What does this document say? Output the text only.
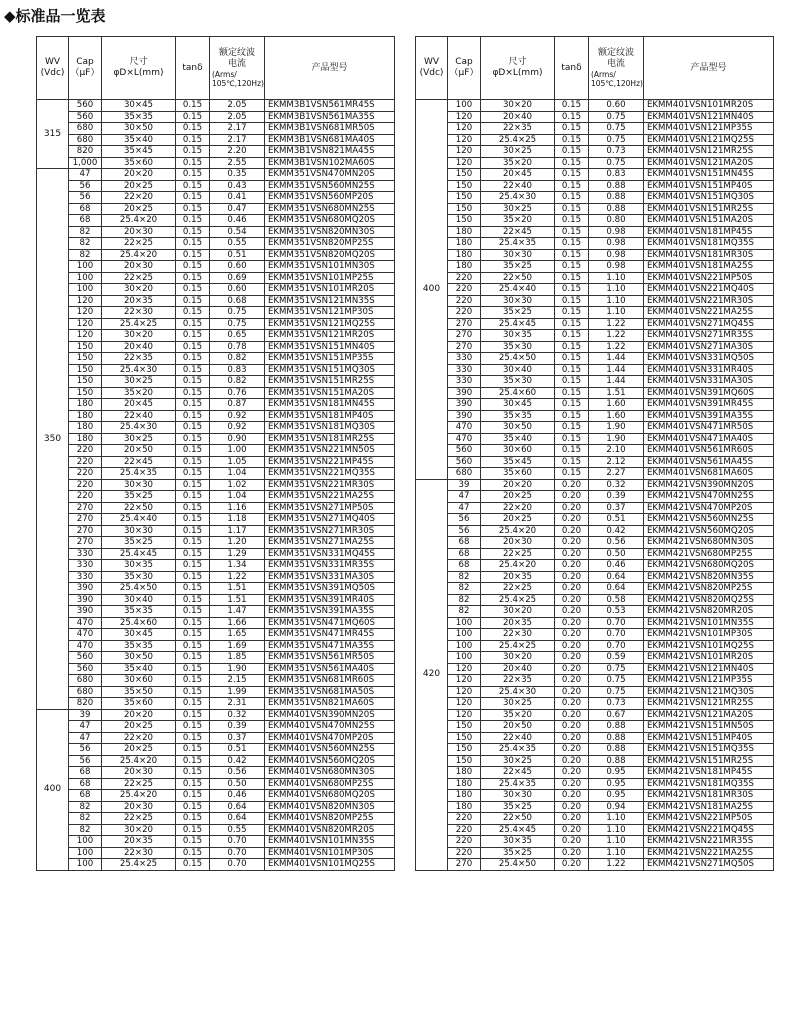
◆标准品一览表
WV
(Vdc)	Cap
（μF）	尺寸
φD×L(mm)	tanδ	额定纹波
电流
(Arms/
105℃,120Hz)	产品型号
315	560	30×45	0.15	2.05	EKMM3B1VSN561MR45S
	560	35×35	0.15	2.05	EKMM3B1VSN561MA35S
	680	30×50	0.15	2.17	EKMM3B1VSN681MR50S
	680	35×40	0.15	2.17	EKMM3B1VSN681MA40S
	820	35×45	0.15	2.20	EKMM3B1VSN821MA45S
	1,000	35×60	0.15	2.55	EKMM3B1VSN102MA60S
350	47	20×20	0.15	0.35	EKMM351VSN470MN20S
	56	20×25	0.15	0.43	EKMM351VSN560MN25S
	56	22×20	0.15	0.41	EKMM351VSN560MP20S
	68	20×25	0.15	0.47	EKMM351VSN680MN25S
	68	25.4×20	0.15	0.46	EKMM351VSN680MQ20S
	82	20×30	0.15	0.54	EKMM351VSN820MN30S
	82	22×25	0.15	0.55	EKMM351VSN820MP25S
	82	25.4×20	0.15	0.51	EKMM351VSN820MQ20S
	100	20×30	0.15	0.60	EKMM351VSN101MN30S
	100	22×25	0.15	0.69	EKMM351VSN101MP25S
	100	30×20	0.15	0.60	EKMM351VSN101MR20S
	120	20×35	0.15	0.68	EKMM351VSN121MN35S
	120	22×30	0.15	0.75	EKMM351VSN121MP30S
	120	25.4×25	0.15	0.75	EKMM351VSN121MQ25S
	120	30×20	0.15	0.65	EKMM351VSN121MR20S
	150	20×40	0.15	0.78	EKMM351VSN151MN40S
	150	22×35	0.15	0.82	EKMM351VSN151MP35S
	150	25.4×30	0.15	0.83	EKMM351VSN151MQ30S
	150	30×25	0.15	0.82	EKMM351VSN151MR25S
	150	35×20	0.15	0.76	EKMM351VSN151MA20S
	180	20×45	0.15	0.87	EKMM351VSN181MN45S
	180	22×40	0.15	0.92	EKMM351VSN181MP40S
	180	25.4×30	0.15	0.92	EKMM351VSN181MQ30S
	180	30×25	0.15	0.90	EKMM351VSN181MR25S
	220	20×50	0.15	1.00	EKMM351VSN221MN50S
	220	22×45	0.15	1.05	EKMM351VSN221MP45S
	220	25.4×35	0.15	1.04	EKMM351VSN221MQ35S
	220	30×30	0.15	1.02	EKMM351VSN221MR30S
	220	35×25	0.15	1.04	EKMM351VSN221MA25S
	270	22×50	0.15	1.16	EKMM351VSN271MP50S
	270	25.4×40	0.15	1.18	EKMM351VSN271MQ40S
	270	30×30	0.15	1.17	EKMM351VSN271MR30S
	270	35×25	0.15	1.20	EKMM351VSN271MA25S
	330	25.4×45	0.15	1.29	EKMM351VSN331MQ45S
	330	30×35	0.15	1.34	EKMM351VSN331MR35S
	330	35×30	0.15	1.22	EKMM351VSN331MA30S
	390	25.4×50	0.15	1.51	EKMM351VSN391MQ50S
	390	30×40	0.15	1.51	EKMM351VSN391MR40S
	390	35×35	0.15	1.47	EKMM351VSN391MA35S
	470	25.4×60	0.15	1.66	EKMM351VSN471MQ60S
	470	30×45	0.15	1.65	EKMM351VSN471MR45S
	470	35×35	0.15	1.69	EKMM351VSN471MA35S
	560	30×50	0.15	1.85	EKMM351VSN561MR50S
	560	35×40	0.15	1.90	EKMM351VSN561MA40S
	680	30×60	0.15	2.15	EKMM351VSN681MR60S
	680	35×50	0.15	1.99	EKMM351VSN681MA50S
	820	35×60	0.15	2.31	EKMM351VSN821MA60S
400	39	20×20	0.15	0.32	EKMM401VSN390MN20S
	47	20×25	0.15	0.39	EKMM401VSN470MN25S
	47	22×20	0.15	0.37	EKMM401VSN470MP20S
	56	20×25	0.15	0.51	EKMM401VSN560MN25S
	56	25.4×20	0.15	0.42	EKMM401VSN560MQ20S
	68	20×30	0.15	0.56	EKMM401VSN680MN30S
	68	22×25	0.15	0.50	EKMM401VSN680MP25S
	68	25.4×20	0.15	0.46	EKMM401VSN680MQ20S
	82	20×30	0.15	0.64	EKMM401VSN820MN30S
	82	22×25	0.15	0.64	EKMM401VSN820MP25S
	82	30×20	0.15	0.55	EKMM401VSN820MR20S
	100	20×35	0.15	0.70	EKMM401VSN101MN35S
	100	22×30	0.15	0.70	EKMM401VSN101MP30S
	100	25.4×25	0.15	0.70	EKMM401VSN101MQ25S
WV
(Vdc)	Cap
（μF）	尺寸
φD×L(mm)	tanδ	额定纹波
电流
(Arms/
105℃,120Hz)	产品型号
400	100	30×20	0.15	0.60	EKMM401VSN101MR20S
	120	20×40	0.15	0.75	EKMM401VSN121MN40S
	120	22×35	0.15	0.75	EKMM401VSN121MP35S
	120	25.4×25	0.15	0.75	EKMM401VSN121MQ25S
	120	30×25	0.15	0.73	EKMM401VSN121MR25S
	120	35×20	0.15	0.75	EKMM401VSN121MA20S
	150	20×45	0.15	0.83	EKMM401VSN151MN45S
	150	22×40	0.15	0.88	EKMM401VSN151MP40S
	150	25.4×30	0.15	0.88	EKMM401VSN151MQ30S
	150	30×25	0.15	0.88	EKMM401VSN151MR25S
	150	35×20	0.15	0.80	EKMM401VSN151MA20S
	180	22×45	0.15	0.98	EKMM401VSN181MP45S
	180	25.4×35	0.15	0.98	EKMM401VSN181MQ35S
	180	30×30	0.15	0.98	EKMM401VSN181MR30S
	180	35×25	0.15	0.98	EKMM401VSN181MA25S
	220	22×50	0.15	1.10	EKMM401VSN221MP50S
	220	25.4×40	0.15	1.10	EKMM401VSN221MQ40S
	220	30×30	0.15	1.10	EKMM401VSN221MR30S
	220	35×25	0.15	1.10	EKMM401VSN221MA25S
	270	25.4×45	0.15	1.22	EKMM401VSN271MQ45S
	270	30×35	0.15	1.22	EKMM401VSN271MR35S
	270	35×30	0.15	1.22	EKMM401VSN271MA30S
	330	25.4×50	0.15	1.44	EKMM401VSN331MQ50S
	330	30×40	0.15	1.44	EKMM401VSN331MR40S
	330	35×30	0.15	1.44	EKMM401VSN331MA30S
	390	25.4×60	0.15	1.51	EKMM401VSN391MQ60S
	390	30×45	0.15	1.60	EKMM401VSN391MR45S
	390	35×35	0.15	1.60	EKMM401VSN391MA35S
	470	30×50	0.15	1.90	EKMM401VSN471MR50S
	470	35×40	0.15	1.90	EKMM401VSN471MA40S
	560	30×60	0.15	2.10	EKMM401VSN561MR60S
	560	35×45	0.15	2.12	EKMM401VSN561MA45S
	680	35×60	0.15	2.27	EKMM401VSN681MA60S
420	39	20×20	0.20	0.32	EKMM421VSN390MN20S
	47	20×25	0.20	0.39	EKMM421VSN470MN25S
	47	22×20	0.20	0.37	EKMM421VSN470MP20S
	56	20×25	0.20	0.51	EKMM421VSN560MN25S
	56	25.4×20	0.20	0.42	EKMM421VSN560MQ20S
	68	20×30	0.20	0.56	EKMM421VSN680MN30S
	68	22×25	0.20	0.50	EKMM421VSN680MP25S
	68	25.4×20	0.20	0.46	EKMM421VSN680MQ20S
	82	20×35	0.20	0.64	EKMM421VSN820MN35S
	82	22×25	0.20	0.64	EKMM421VSN820MP25S
	82	25.4×25	0.20	0.58	EKMM421VSN820MQ25S
	82	30×20	0.20	0.53	EKMM421VSN820MR20S
	100	20×35	0.20	0.70	EKMM421VSN101MN35S
	100	22×30	0.20	0.70	EKMM421VSN101MP30S
	100	25.4×25	0.20	0.70	EKMM421VSN101MQ25S
	100	30×20	0.20	0.59	EKMM421VSN101MR20S
	120	20×40	0.20	0.75	EKMM421VSN121MN40S
	120	22×35	0.20	0.75	EKMM421VSN121MP35S
	120	25.4×30	0.20	0.75	EKMM421VSN121MQ30S
	120	30×25	0.20	0.73	EKMM421VSN121MR25S
	120	35×20	0.20	0.67	EKMM421VSN121MA20S
	150	20×50	0.20	0.88	EKMM421VSN151MN50S
	150	22×40	0.20	0.88	EKMM421VSN151MP40S
	150	25.4×35	0.20	0.88	EKMM421VSN151MQ35S
	150	30×25	0.20	0.88	EKMM421VSN151MR25S
	180	22×45	0.20	0.95	EKMM421VSN181MP45S
	180	25.4×35	0.20	0.95	EKMM421VSN181MQ35S
	180	30×30	0.20	0.95	EKMM421VSN181MR30S
	180	35×25	0.20	0.94	EKMM421VSN181MA25S
	220	22×50	0.20	1.10	EKMM421VSN221MP50S
	220	25.4×45	0.20	1.10	EKMM421VSN221MQ45S
	220	30×35	0.20	1.10	EKMM421VSN221MR35S
	220	35×25	0.20	1.10	EKMM421VSN221MA25S
	270	25.4×50	0.20	1.22	EKMM421VSN271MQ50S
